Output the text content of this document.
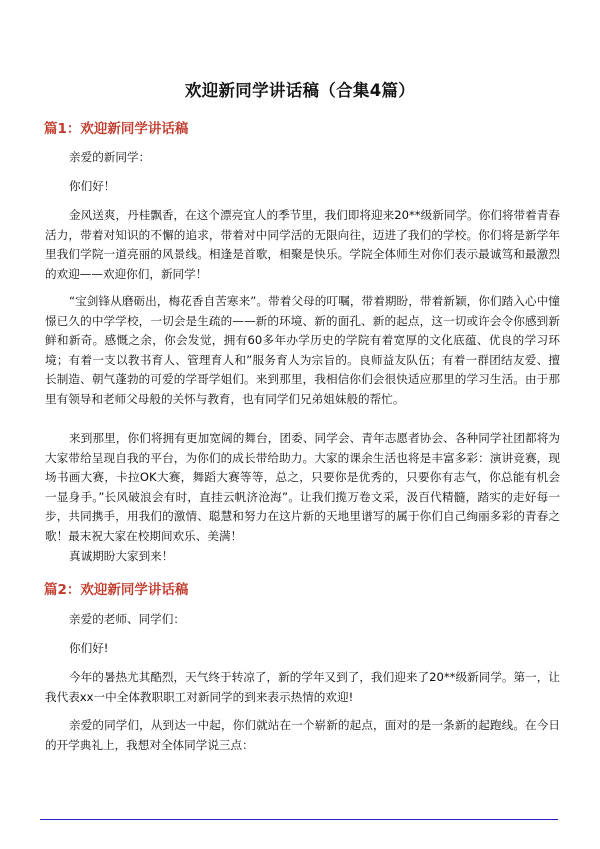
欢迎新同学讲话稿（合集4篇）
篇1：欢迎新同学讲话稿

亲爱的新同学：

你们好！

金风送爽，丹桂飘香，在这个漂亮宜人的季节里，我们即将迎来20**级新同学。你们将带着青春活力，带着对知识的不懈的追求，带着对中同学活的无限向往，迈进了我们的学校。你们将是新学年里我们学院一道亮丽的风景线。相逢是首歌，相聚是快乐。学院全体师生对你们表示最诚笃和最激烈的欢迎——欢迎你们，新同学！

“宝剑锋从磨砺出，梅花香自苦寒来”。带着父母的叮嘱，带着期盼，带着新颖，你们踏入心中憧憬已久的中学学校，一切会是生疏的——新的环境、新的面孔、新的起点，这一切或许会令你感到新鲜和新奇。感慨之余，你会发觉，拥有60多年办学历史的学院有着宽厚的文化底蕴、优良的学习环境；有着一支以教书育人、管理育人和”服务育人为宗旨的。良师益友队伍；有着一群团结友爱、擅长制造、朝气蓬勃的可爱的学哥学姐们。来到那里，我相信你们会很快适应那里的学习生活。由于那里有领导和老师父母般的关怀与教育，也有同学们兄弟姐妹般的帮忙。

来到那里，你们将拥有更加宽阔的舞台，团委、同学会、青年志愿者协会、各种同学社团都将为大家带给呈现自我的平台，为你们的成长带给助力。大家的课余生活也将是丰富多彩：演讲竞赛，现场书画大赛，卡拉OK大赛，舞蹈大赛等等，总之，只要你是优秀的，只要你有志气，你总能有机会一显身手。”长风破浪会有时，直挂云帆济沧海”。让我们揽万卷文采，汲百代精髓，踏实的走好每一步，共同携手，用我们的激情、聪慧和努力在这片新的天地里谱写的属于你们自己绚丽多彩的青春之歌！最末祝大家在校期间欢乐、美满！

真诚期盼大家到来！

篇2：欢迎新同学讲话稿

亲爱的老师、同学们：

你们好!

今年的暑热尤其酷烈，天气终于转凉了，新的学年又到了，我们迎来了20**级新同学。第一，让我代表xx一中全体教职职工对新同学的到来表示热情的欢迎!

亲爱的同学们，从到达一中起，你们就站在一个崭新的起点，面对的是一条新的起跑线。在今日的开学典礼上，我想对全体同学说三点：
